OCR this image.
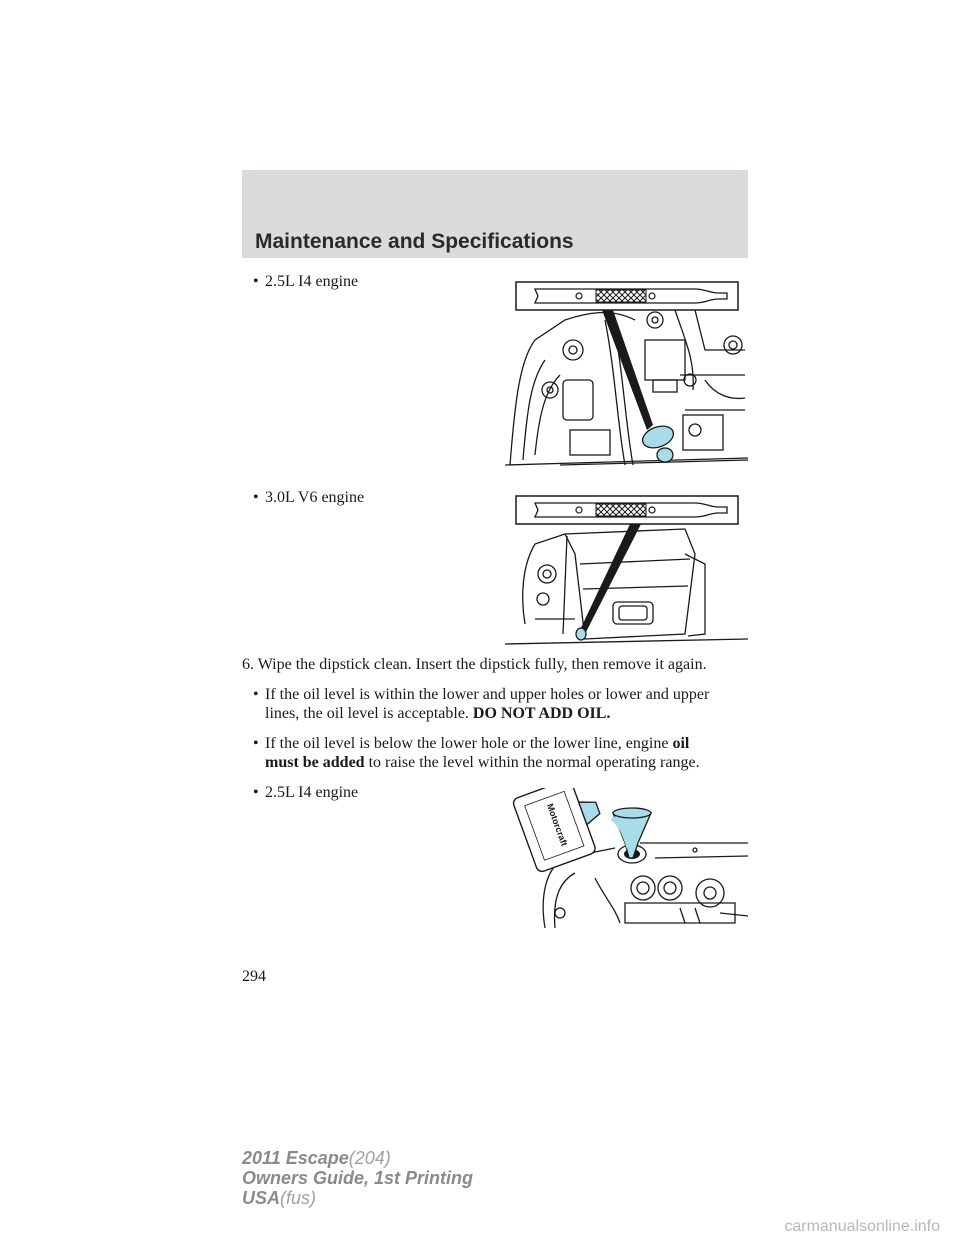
Maintenance and Specifications
• 2.5L I4 engine
• 3.0L V6 engine
6. Wipe the dipstick clean. Insert the dipstick fully, then remove it again.
• If the oil level is within the lower and upper holes or lower and upper
lines, the oil level is acceptable. DO NOT ADD OIL.
• If the oil level is below the lower hole or the lower line, engine oil
must be added to raise the level within the normal operating range.
• 2.5L I4 engine
Motorcraft
294
2011 Escape(204)
Owners Guide, 1st Printing
USA(fus)
carmanualsonline.info
